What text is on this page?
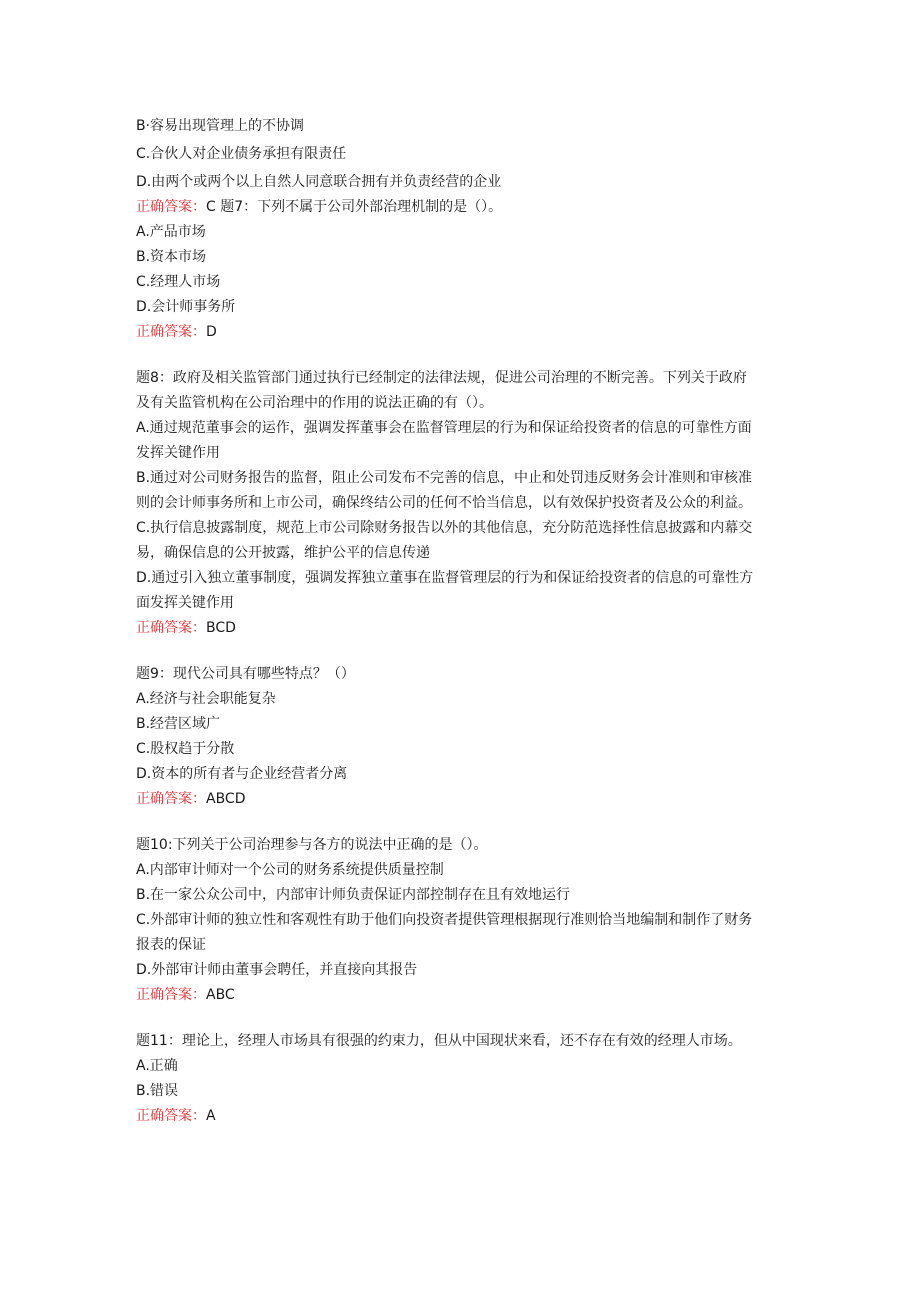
B·容易出现管理上的不协调
C.合伙人对企业债务承担有限责任
D.由两个或两个以上自然人同意联合拥有并负责经营的企业
正确答案：C 题7：下列不属于公司外部治理机制的是（）。
A.产品市场
B.资本市场
C.经理人市场
D.会计师事务所
正确答案：D
题8：政府及相关监管部门通过执行已经制定的法律法规，促进公司治理的不断完善。下列关于政府
及有关监管机构在公司治理中的作用的说法正确的有（）。
A.通过规范董事会的运作，强调发挥董事会在监督管理层的行为和保证给投资者的信息的可靠性方面
发挥关键作用
B.通过对公司财务报告的监督，阻止公司发布不完善的信息，中止和处罚违反财务会计准则和审核准
则的会计师事务所和上市公司，确保终结公司的任何不恰当信息，以有效保护投资者及公众的利益。
C.执行信息披露制度，规范上市公司除财务报告以外的其他信息，充分防范选择性信息披露和内幕交
易，确保信息的公开披露，维护公平的信息传递
D.通过引入独立董事制度，强调发挥独立董事在监督管理层的行为和保证给投资者的信息的可靠性方
面发挥关键作用
正确答案：BCD
题9：现代公司具有哪些特点？（）
A.经济与社会职能复杂
B.经营区域广
C.股权趋于分散
D.资本的所有者与企业经营者分离
正确答案：ABCD
题10:下列关于公司治理参与各方的说法中正确的是（）。
A.内部审计师对一个公司的财务系统提供质量控制
B.在一家公众公司中，内部审计师负责保证内部控制存在且有效地运行
C.外部审计师的独立性和客观性有助于他们向投资者提供管理根据现行准则恰当地编制和制作了财务
报表的保证
D.外部审计师由董事会聘任，并直接向其报告
正确答案：ABC
题11：理论上，经理人市场具有很强的约束力，但从中国现状来看，还不存在有效的经理人市场。
A.正确
B.错误
正确答案：A
